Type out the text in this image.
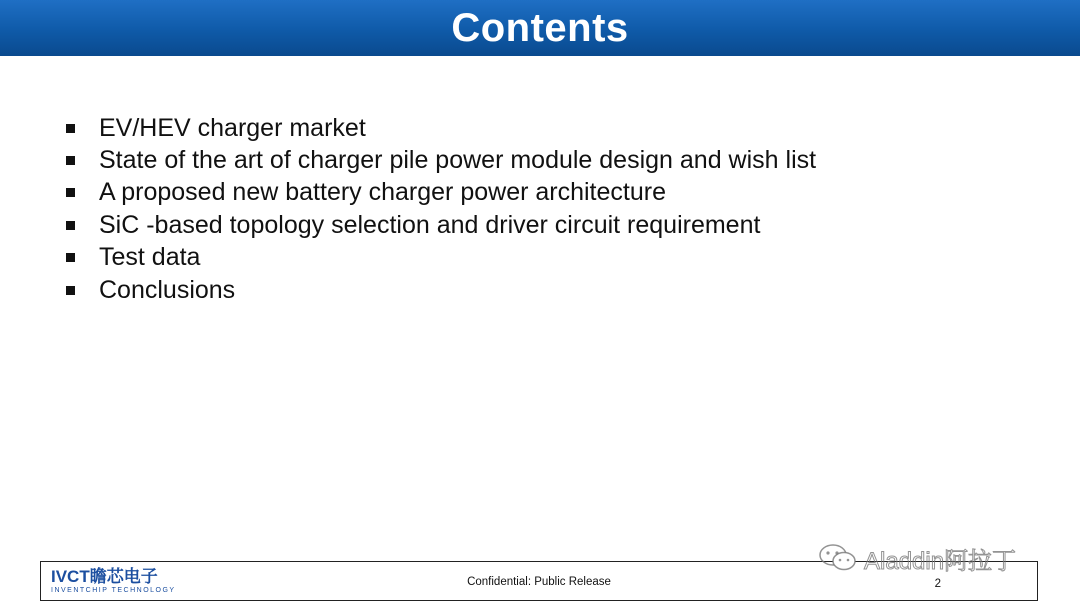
Contents
EV/HEV charger market
State of the art of charger pile power module design and wish list
A proposed new battery charger power architecture
SiC -based topology selection and driver circuit requirement
Test data
Conclusions
IVCT瞻芯电子
INVENTCHIP TECHNOLOGY
Confidential: Public Release	2
Aladdin阿拉丁
